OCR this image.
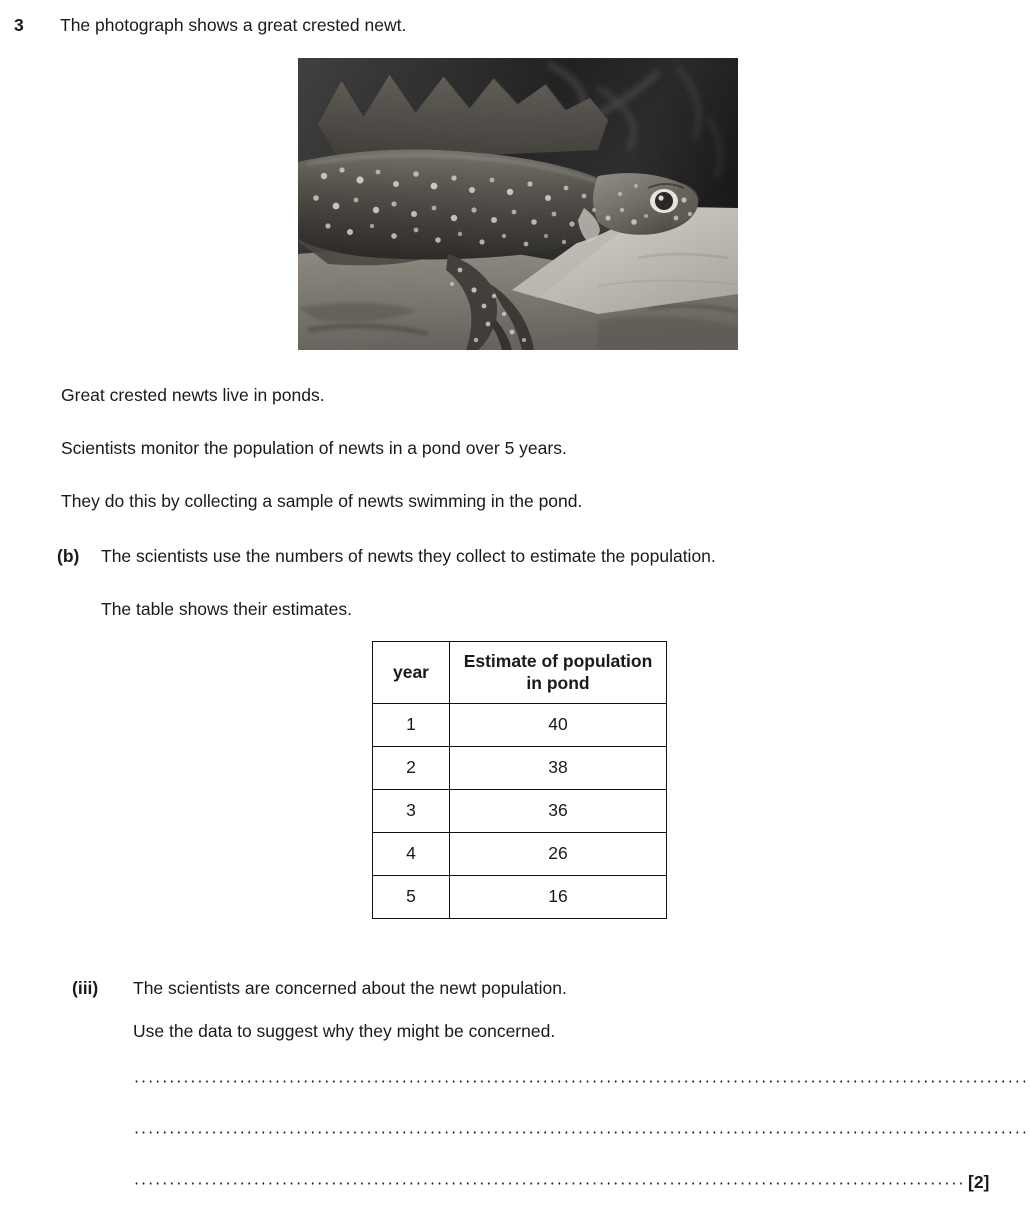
3 The photograph shows a great crested newt.
Great crested newts live in ponds.
Scientists monitor the population of newts in a pond over 5 years.
They do this by collecting a sample of newts swimming in the pond.
(b) The scientists use the numbers of newts they collect to estimate the population.
The table shows their estimates.
year	Estimate of population in pond
1	40
2	38
3	36
4	26
5	16
(iii) The scientists are concerned about the newt population.
Use the data to suggest why they might be concerned.
[2]
